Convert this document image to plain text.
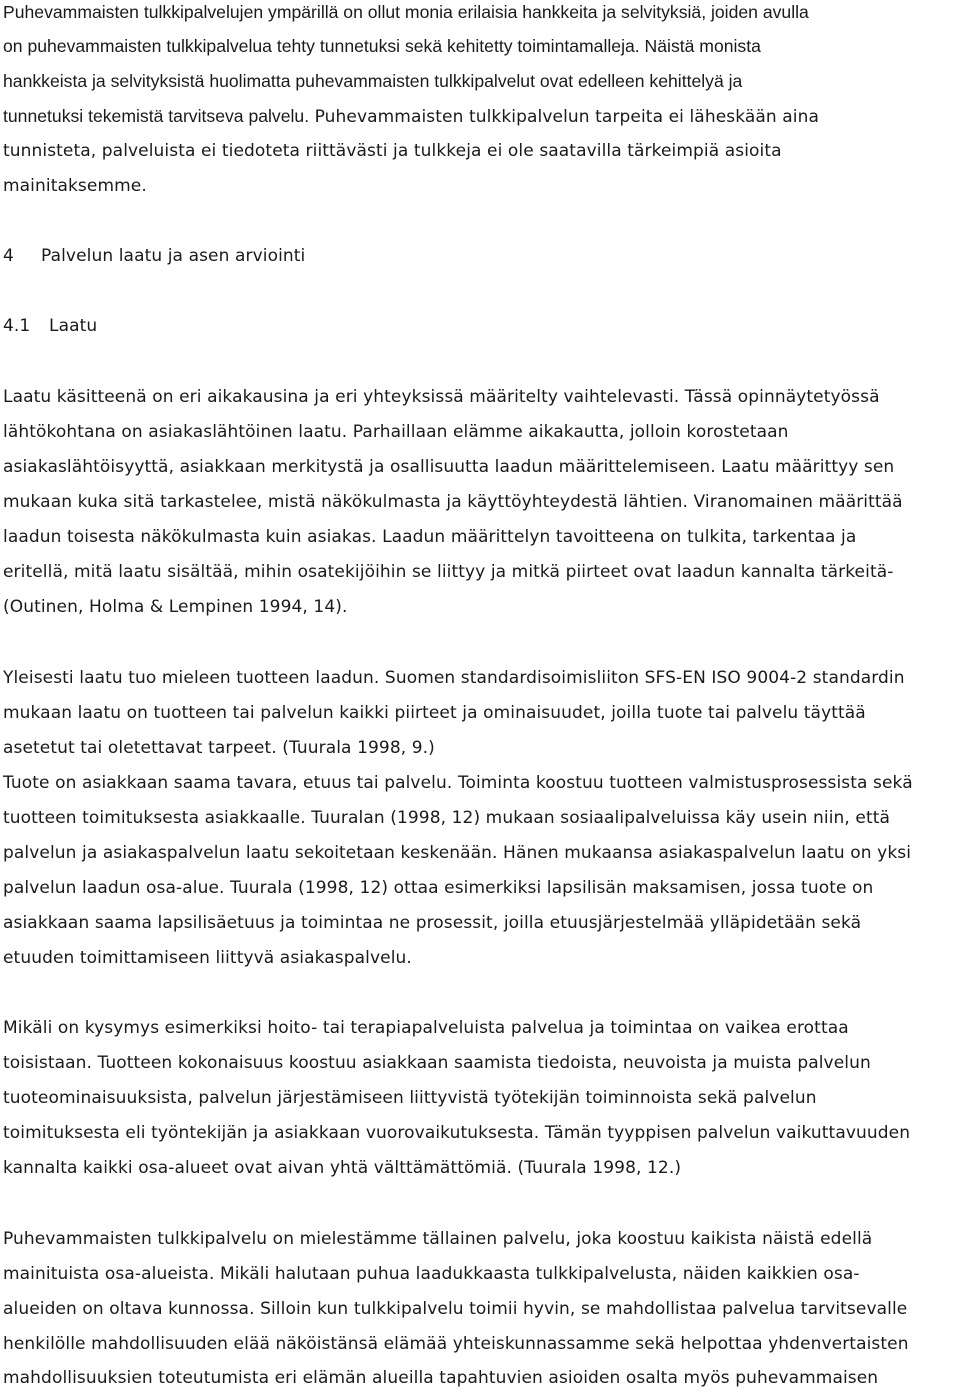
Puhevammaisten tulkkipalvelujen ympärillä on ollut monia erilaisia hankkeita ja selvityksiä, joiden avulla
on puhevammaisten tulkkipalvelua tehty tunnetuksi sekä kehitetty toimintamalleja. Näistä monista
hankkeista ja selvityksistä huolimatta puhevammaisten tulkkipalvelut ovat edelleen kehittelyä ja
tunnetuksi tekemistä tarvitseva palvelu. Puhevammaisten tulkkipalvelun tarpeita ei läheskään aina
tunnisteta, palveluista ei tiedoteta riittävästi ja tulkkeja ei ole saatavilla tärkeimpiä asioita
mainitaksemme.
4 Palvelun laatu ja asen arviointi
4.1 Laatu
Laatu käsitteenä on eri aikakausina ja eri yhteyksissä määritelty vaihtelevasti. Tässä opinnäytetyössä
lähtökohtana on asiakaslähtöinen laatu. Parhaillaan elämme aikakautta, jolloin korostetaan
asiakaslähtöisyyttä, asiakkaan merkitystä ja osallisuutta laadun määrittelemiseen. Laatu määrittyy sen
mukaan kuka sitä tarkastelee, mistä näkökulmasta ja käyttöyhteydestä lähtien. Viranomainen määrittää
laadun toisesta näkökulmasta kuin asiakas. Laadun määrittelyn tavoitteena on tulkita, tarkentaa ja
eritellä, mitä laatu sisältää, mihin osatekijöihin se liittyy ja mitkä piirteet ovat laadun kannalta tärkeitä-
(Outinen, Holma & Lempinen 1994, 14).
Yleisesti laatu tuo mieleen tuotteen laadun. Suomen standardisoimisliiton SFS-EN ISO 9004-2 standardin
mukaan laatu on tuotteen tai palvelun kaikki piirteet ja ominaisuudet, joilla tuote tai palvelu täyttää
asetetut tai oletettavat tarpeet. (Tuurala 1998, 9.)
Tuote on asiakkaan saama tavara, etuus tai palvelu. Toiminta koostuu tuotteen valmistusprosessista sekä
tuotteen toimituksesta asiakkaalle. Tuuralan (1998, 12) mukaan sosiaalipalveluissa käy usein niin, että
palvelun ja asiakaspalvelun laatu sekoitetaan keskenään. Hänen mukaansa asiakaspalvelun laatu on yksi
palvelun laadun osa-alue. Tuurala (1998, 12) ottaa esimerkiksi lapsilisän maksamisen, jossa tuote on
asiakkaan saama lapsilisäetuus ja toimintaa ne prosessit, joilla etuusjärjestelmää ylläpidetään sekä
etuuden toimittamiseen liittyvä asiakaspalvelu.
Mikäli on kysymys esimerkiksi hoito- tai terapiapalveluista palvelua ja toimintaa on vaikea erottaa
toisistaan. Tuotteen kokonaisuus koostuu asiakkaan saamista tiedoista, neuvoista ja muista palvelun
tuoteominaisuuksista, palvelun järjestämiseen liittyvistä työtekijän toiminnoista sekä palvelun
toimituksesta eli työntekijän ja asiakkaan vuorovaikutuksesta. Tämän tyyppisen palvelun vaikuttavuuden
kannalta kaikki osa-alueet ovat aivan yhtä välttämättömiä. (Tuurala 1998, 12.)
Puhevammaisten tulkkipalvelu on mielestämme tällainen palvelu, joka koostuu kaikista näistä edellä
mainituista osa-alueista. Mikäli halutaan puhua laadukkaasta tulkkipalvelusta, näiden kaikkien osa-
alueiden on oltava kunnossa. Silloin kun tulkkipalvelu toimii hyvin, se mahdollistaa palvelua tarvitsevalle
henkilölle mahdollisuuden elää näköistänsä elämää yhteiskunnassamme sekä helpottaa yhdenvertaisten
mahdollisuuksien toteutumista eri elämän alueilla tapahtuvien asioiden osalta myös puhevammaisen
